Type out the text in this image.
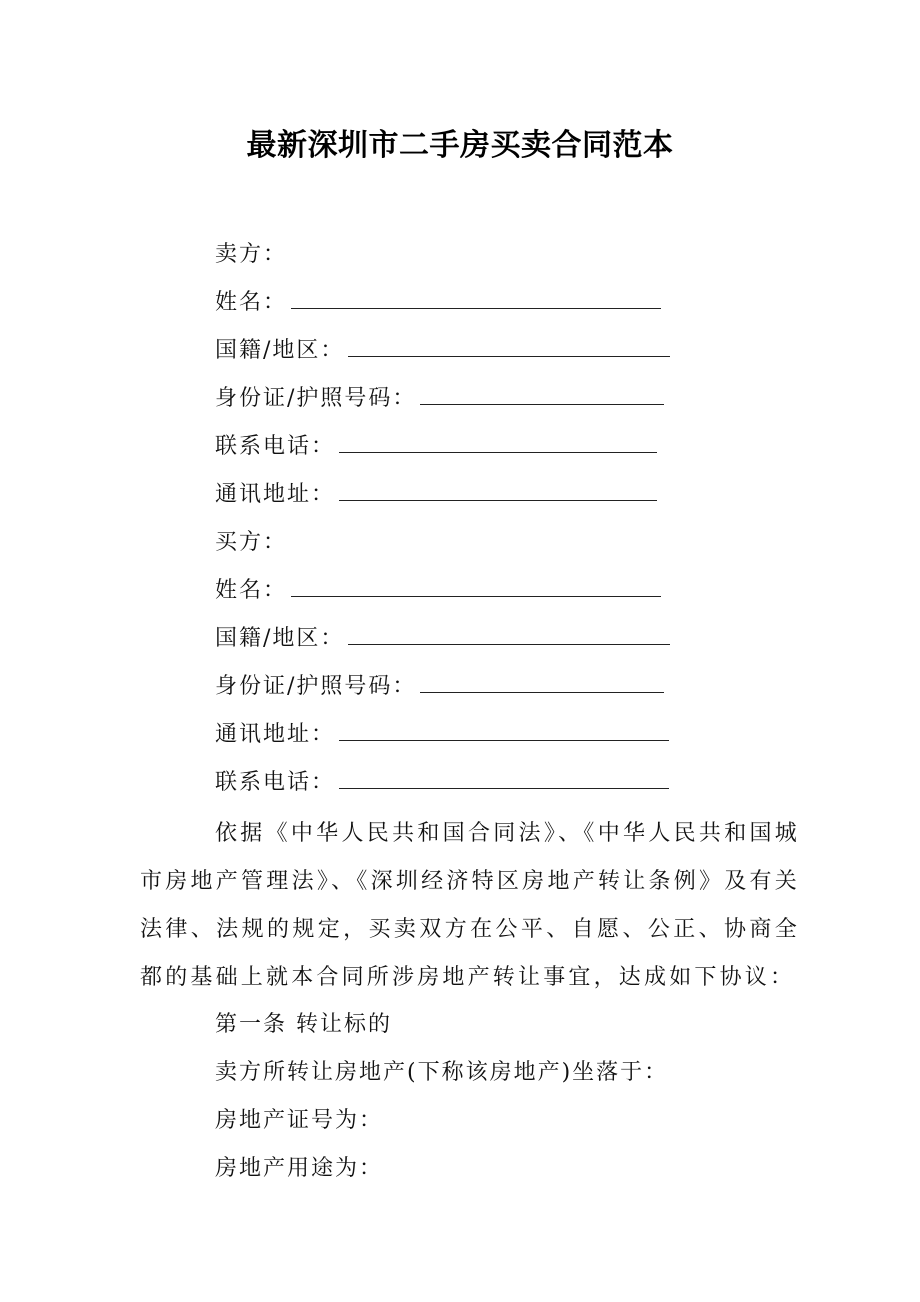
最新深圳市二手房买卖合同范本
卖方：
姓名：
国籍/地区：
身份证/护照号码：
联系电话：
通讯地址：
买方：
姓名：
国籍/地区：
身份证/护照号码：
通讯地址：
联系电话：
依据《中华人民共和国合同法》、《中华人民共和国城市房地产管理法》、《深圳经济特区房地产转让条例》及有关法律、法规的规定，买卖双方在公平、自愿、公正、协商全都的基础上就本合同所涉房地产转让事宜，达成如下协议：
第一条 转让标的
卖方所转让房地产(下称该房地产)坐落于：
房地产证号为：
房地产用途为：
